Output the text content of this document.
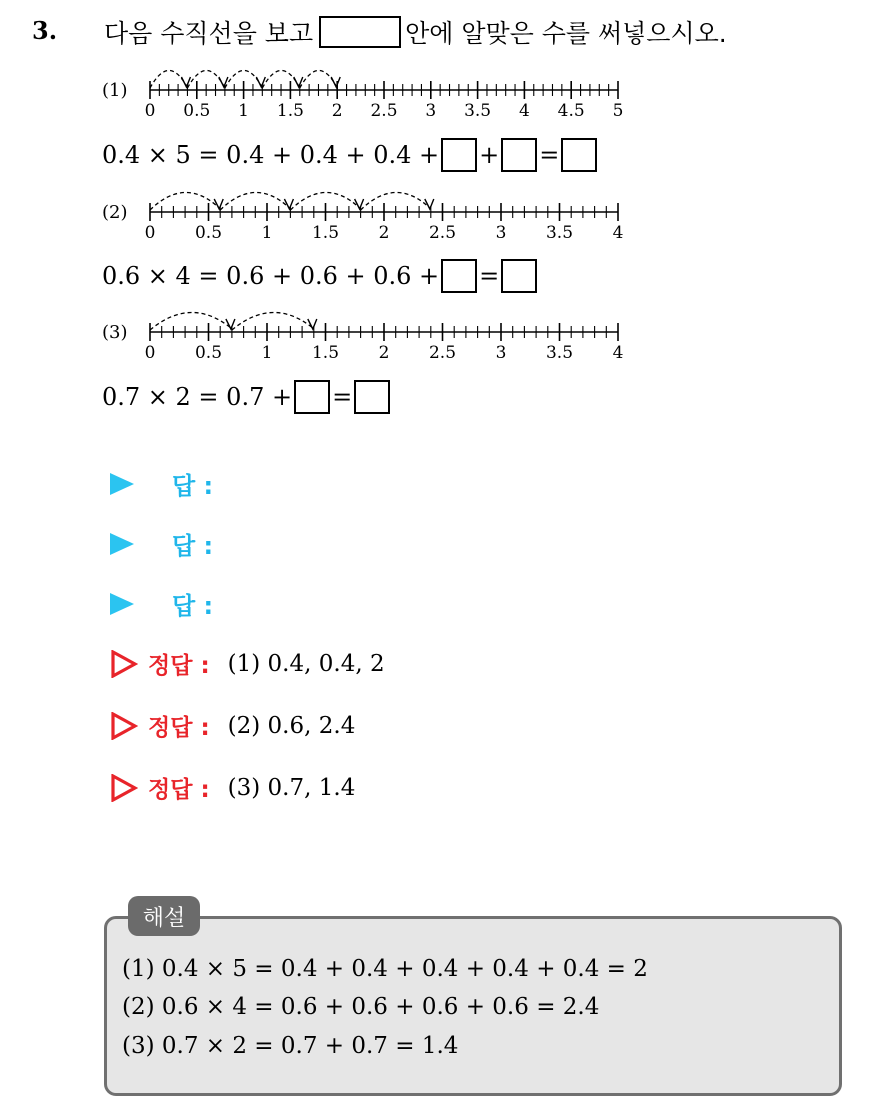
3. 다음 수직선을 보고	안에 알맞은 수를 써넣으시오.
(1)
0 0.5 1 1.5 2 2.5 3 3.5 4 4.5 5
0.4 × 5 = 0.4 + 0.4 + 0.4 + + =
(2)
0 0.5 1 1.5 2 2.5 3 3.5 4
0.6 × 4 = 0.6 + 0.6 + 0.6 + =
(3)
0 0.5 1 1.5 2 2.5 3 3.5 4
0.7 × 2 = 0.7 + =
답 :
답 :
답 :
정답 : (1) 0.4, 0.4, 2
정답 : (2) 0.6, 2.4
정답 : (3) 0.7, 1.4
해설
(1) 0.4 × 5 = 0.4 + 0.4 + 0.4 + 0.4 + 0.4 = 2
(2) 0.6 × 4 = 0.6 + 0.6 + 0.6 + 0.6 = 2.4
(3) 0.7 × 2 = 0.7 + 0.7 = 1.4
